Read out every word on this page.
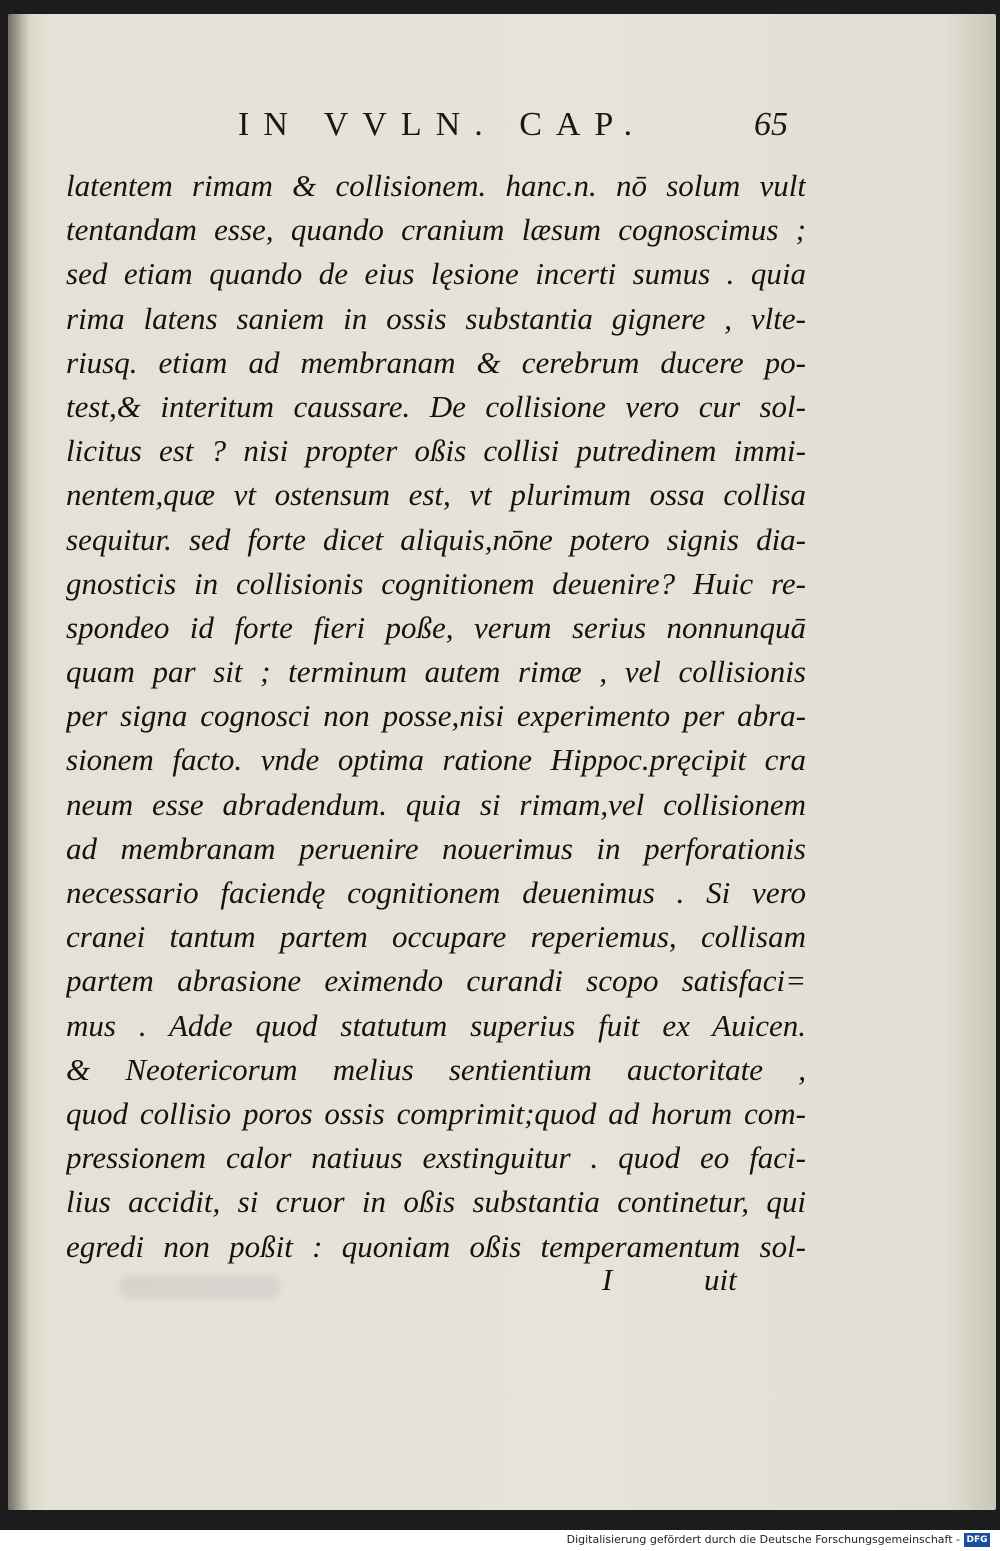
IN VVLN. CAP.	65
latentem rimam & collisionem. hanc.n. nō solum vult
tentandam esse, quando cranium læsum cognoscimus ;
sed etiam quando de eius lęsione incerti sumus . quia
rima latens saniem in ossis substantia gignere , vlte-
riusq. etiam ad membranam & cerebrum ducere po-
test,& interitum caussare. De collisione vero cur sol-
licitus est ? nisi propter oßis collisi putredinem immi-
nentem,quæ vt ostensum est, vt plurimum ossa collisa
sequitur. sed forte dicet aliquis,nōne potero signis dia-
gnosticis in collisionis cognitionem deuenire? Huic re-
spondeo id forte fieri poße, verum serius nonnunquā
quam par sit ; terminum autem rimæ , vel collisionis
per signa cognosci non posse,nisi experimento per abra-
sionem facto. vnde optima ratione Hippoc.pręcipit cra
neum esse abradendum. quia si rimam,vel collisionem
ad membranam peruenire nouerimus in perforationis
necessario faciendę cognitionem deuenimus . Si vero
cranei tantum partem occupare reperiemus, collisam
partem abrasione eximendo curandi scopo satisfaci=
mus . Adde quod statutum superius fuit ex Auicen.
& Neotericorum melius sentientium auctoritate ,
quod collisio poros ossis comprimit;quod ad horum com-
pressionem calor natiuus exstinguitur . quod eo faci-
lius accidit, si cruor in oßis substantia continetur, qui
egredi non poßit : quoniam oßis temperamentum sol-
I	uit
Digitalisierung gefördert durch die Deutsche Forschungsgemeinschaft - DFG
